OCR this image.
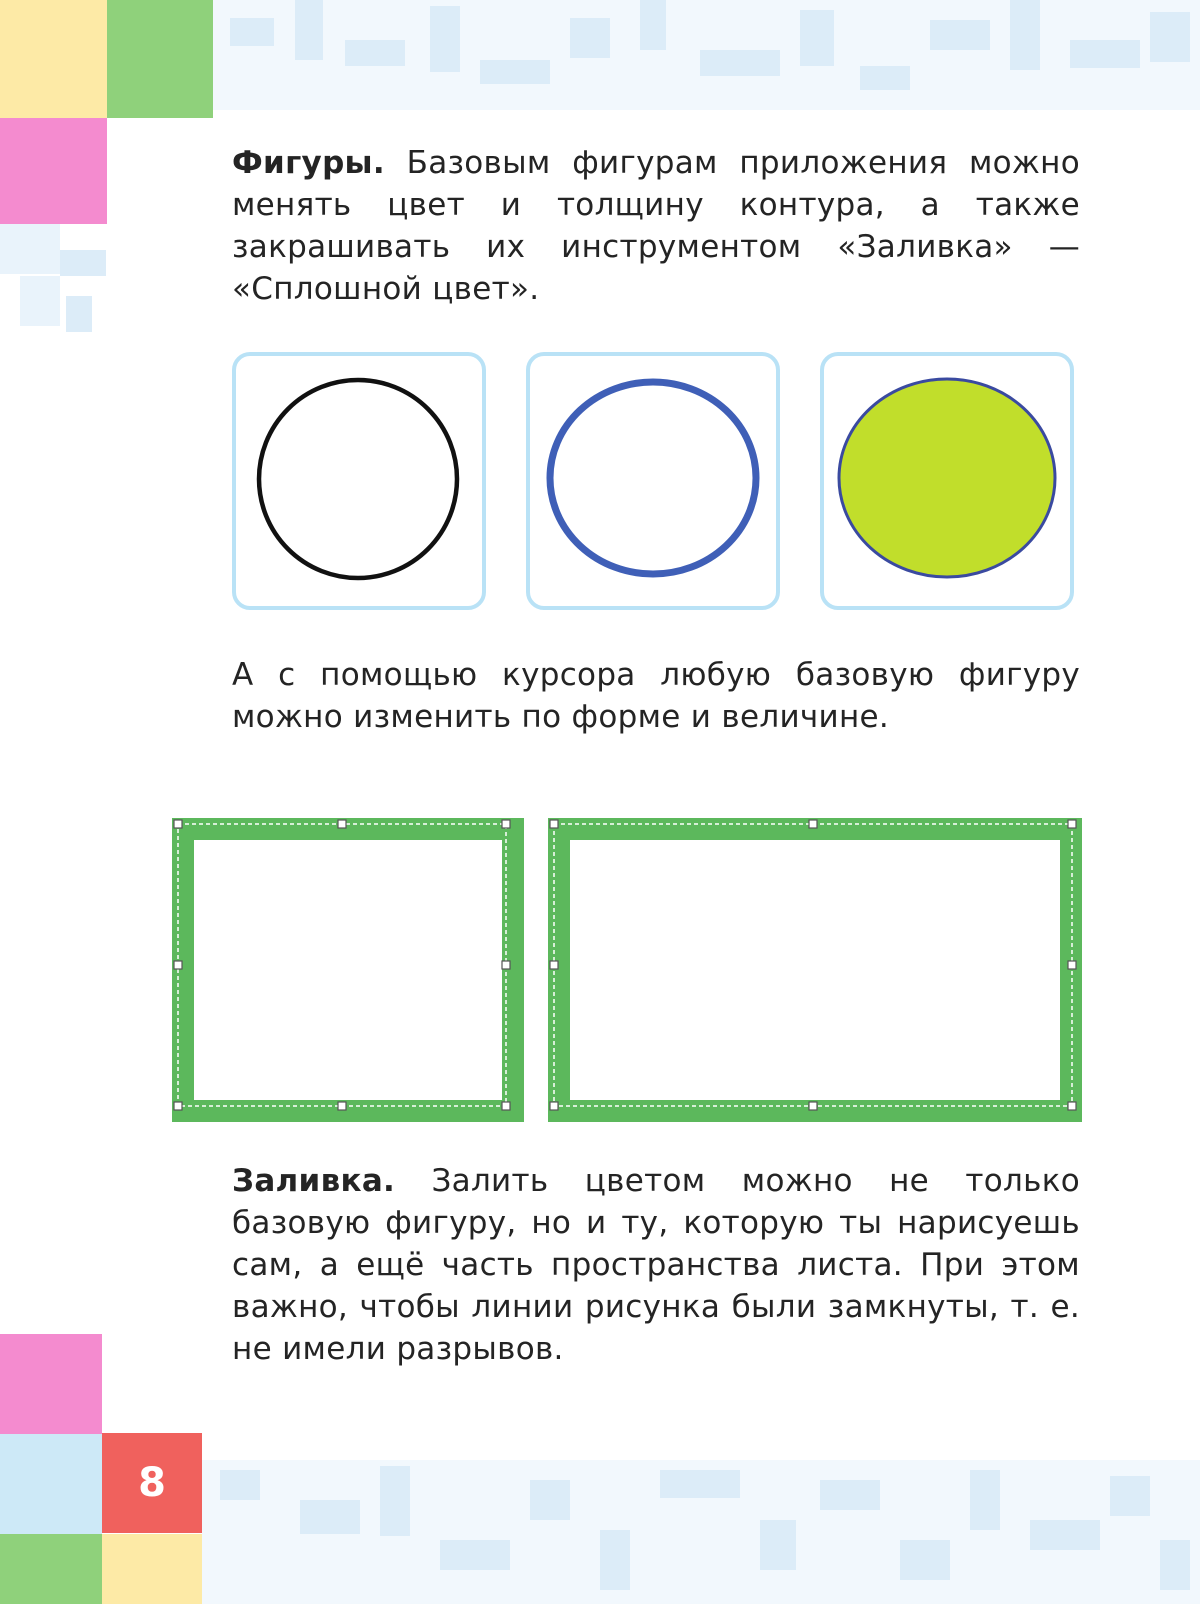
Фигуры. Базовым фигурам приложения можно менять цвет и толщину контура, а также закрашивать их инструментом «Заливка» — «Сплошной цвет».

А с помощью курсора любую базовую фигуру можно изменить по форме и величине.

Заливка. Залить цветом можно не только базовую фигуру, но и ту, которую ты нарисуешь сам, а ещё часть пространства листа. При этом важно, чтобы линии рисунка были замкнуты, т. е. не имели разрывов.

8
